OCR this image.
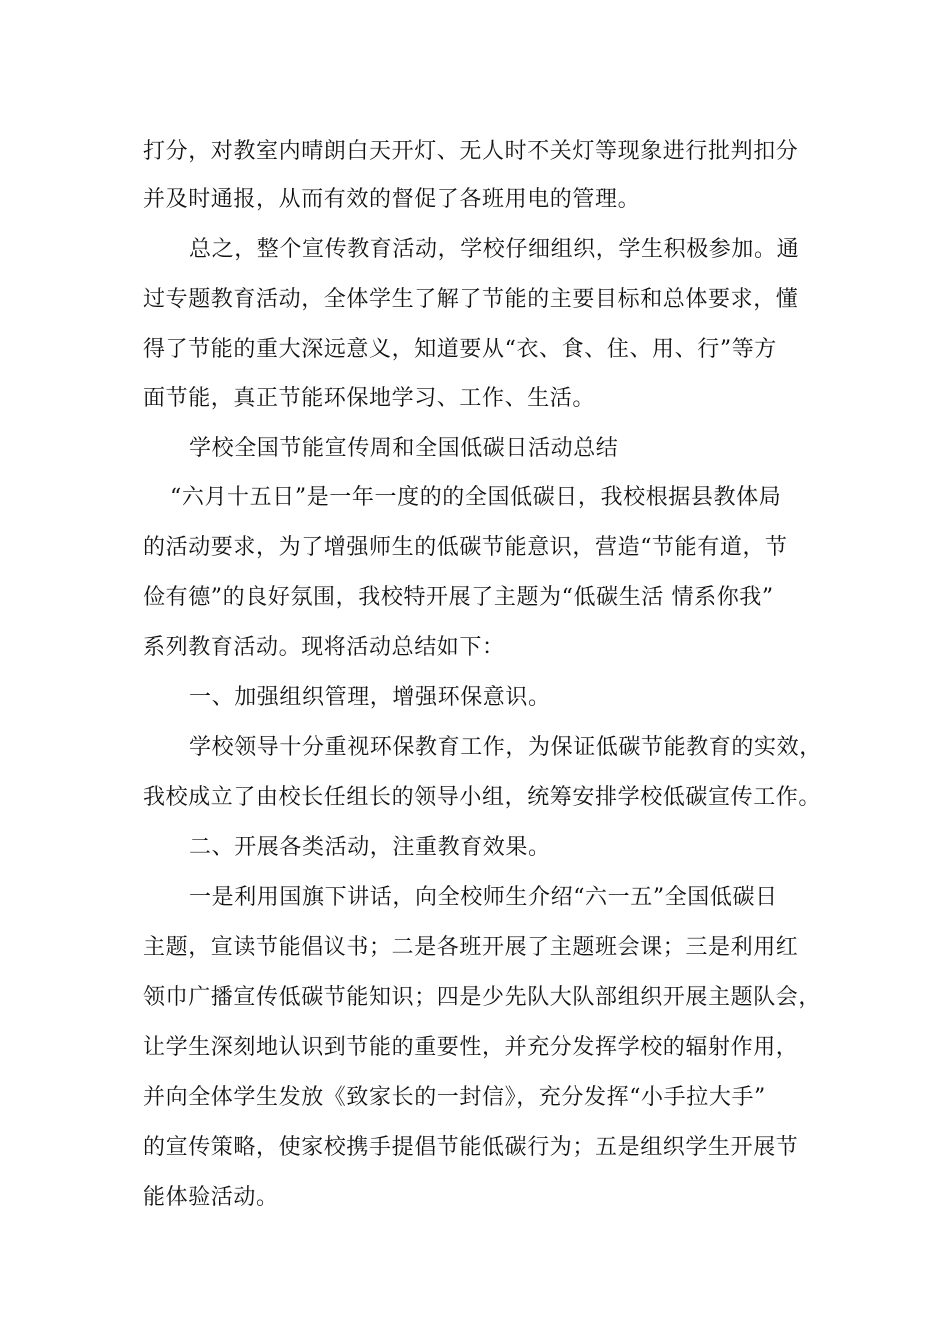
打分，对教室内晴朗白天开灯、无人时不关灯等现象进行批判扣分
并及时通报，从而有效的督促了各班用电的管理。
总之，整个宣传教育活动，学校仔细组织，学生积极参加。通
过专题教育活动，全体学生了解了节能的主要目标和总体要求，懂
得了节能的重大深远意义，知道要从“衣、食、住、用、行”等方
面节能，真正节能环保地学习、工作、生活。
学校全国节能宣传周和全国低碳日活动总结
“六月十五日”是一年一度的的全国低碳日，我校根据县教体局
的活动要求，为了增强师生的低碳节能意识，营造“节能有道，节
俭有德”的良好氛围，我校特开展了主题为“低碳生活 情系你我”
系列教育活动。现将活动总结如下：
一、加强组织管理，增强环保意识。
学校领导十分重视环保教育工作，为保证低碳节能教育的实效，
我校成立了由校长任组长的领导小组，统筹安排学校低碳宣传工作。
二、开展各类活动，注重教育效果。
一是利用国旗下讲话，向全校师生介绍“六一五”全国低碳日
主题，宣读节能倡议书；二是各班开展了主题班会课；三是利用红
领巾广播宣传低碳节能知识；四是少先队大队部组织开展主题队会，
让学生深刻地认识到节能的重要性，并充分发挥学校的辐射作用，
并向全体学生发放《致家长的一封信》，充分发挥“小手拉大手”
的宣传策略，使家校携手提倡节能低碳行为；五是组织学生开展节
能体验活动。
